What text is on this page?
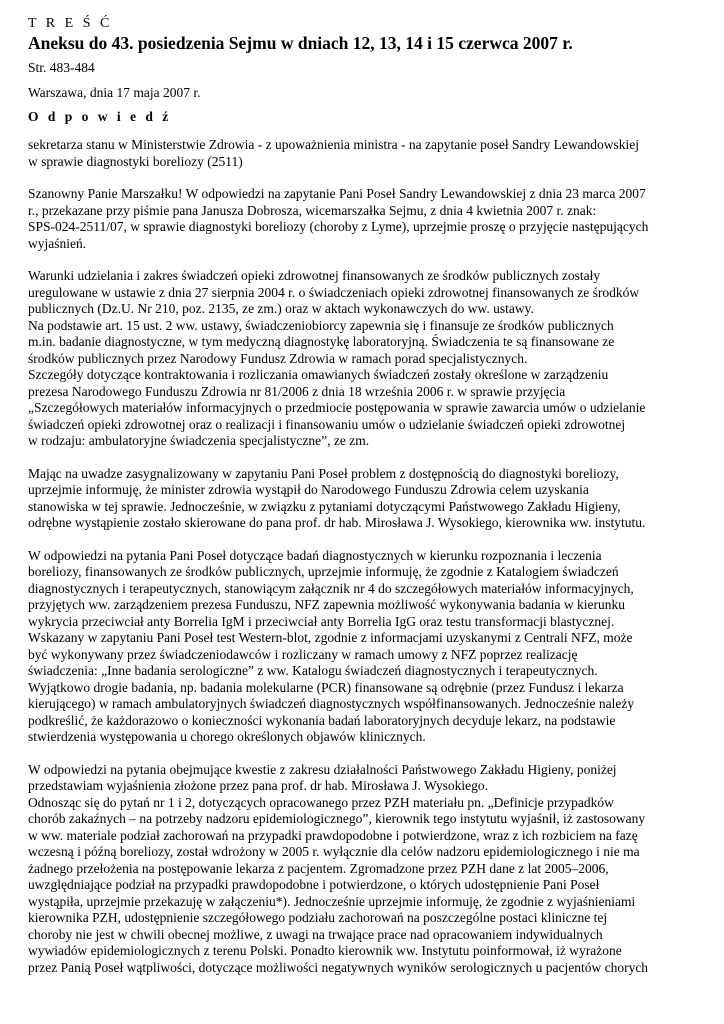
T R E Ś Ć

Aneksu do 43. posiedzenia Sejmu w dniach 12, 13, 14 i 15 czerwca 2007 r.

Str. 483-484

Warszawa, dnia 17 maja 2007 r.

O d p o w i e d ź

sekretarza stanu w Ministerstwie Zdrowia - z upoważnienia ministra - na zapytanie poseł Sandry Lewandowskiej
w sprawie diagnostyki boreliozy (2511)

Szanowny Panie Marszałku! W odpowiedzi na zapytanie Pani Poseł Sandry Lewandowskiej z dnia 23 marca 2007
r., przekazane przy piśmie pana Janusza Dobrosza, wicemarszałka Sejmu, z dnia 4 kwietnia 2007 r. znak:
SPS-024-2511/07, w sprawie diagnostyki boreliozy (choroby z Lyme), uprzejmie proszę o przyjęcie następujących
wyjaśnień.

Warunki udzielania i zakres świadczeń opieki zdrowotnej finansowanych ze środków publicznych zostały
uregulowane w ustawie z dnia 27 sierpnia 2004 r. o świadczeniach opieki zdrowotnej finansowanych ze środków
publicznych (Dz.U. Nr 210, poz. 2135, ze zm.) oraz w aktach wykonawczych do ww. ustawy.
Na podstawie art. 15 ust. 2 ww. ustawy, świadczeniobiorcy zapewnia się i finansuje ze środków publicznych
m.in. badanie diagnostyczne, w tym medyczną diagnostykę laboratoryjną. Świadczenia te są finansowane ze
środków publicznych przez Narodowy Fundusz Zdrowia w ramach porad specjalistycznych.
Szczegóły dotyczące kontraktowania i rozliczania omawianych świadczeń zostały określone w zarządzeniu
prezesa Narodowego Funduszu Zdrowia nr 81/2006 z dnia 18 września 2006 r. w sprawie przyjęcia
„Szczegółowych materiałów informacyjnych o przedmiocie postępowania w sprawie zawarcia umów o udzielanie
świadczeń opieki zdrowotnej oraz o realizacji i finansowaniu umów o udzielanie świadczeń opieki zdrowotnej
w rodzaju: ambulatoryjne świadczenia specjalistyczne”, ze zm.

Mając na uwadze zasygnalizowany w zapytaniu Pani Poseł problem z dostępnością do diagnostyki boreliozy,
uprzejmie informuję, że minister zdrowia wystąpił do Narodowego Funduszu Zdrowia celem uzyskania
stanowiska w tej sprawie. Jednocześnie, w związku z pytaniami dotyczącymi Państwowego Zakładu Higieny,
odrębne wystąpienie zostało skierowane do pana prof. dr hab. Mirosława J. Wysokiego, kierownika ww. instytutu.

W odpowiedzi na pytania Pani Poseł dotyczące badań diagnostycznych w kierunku rozpoznania i leczenia
boreliozy, finansowanych ze środków publicznych, uprzejmie informuję, że zgodnie z Katalogiem świadczeń
diagnostycznych i terapeutycznych, stanowiącym załącznik nr 4 do szczegółowych materiałów informacyjnych,
przyjętych ww. zarządzeniem prezesa Funduszu, NFZ zapewnia możliwość wykonywania badania w kierunku
wykrycia przeciwciał anty Borrelia IgM i przeciwciał anty Borrelia IgG oraz testu transformacji blastycznej.
Wskazany w zapytaniu Pani Poseł test Western-blot, zgodnie z informacjami uzyskanymi z Centrali NFZ, może
być wykonywany przez świadczeniodawców i rozliczany w ramach umowy z NFZ poprzez realizację
świadczenia: „Inne badania serologiczne” z ww. Katalogu świadczeń diagnostycznych i terapeutycznych.
Wyjątkowo drogie badania, np. badania molekularne (PCR) finansowane są odrębnie (przez Fundusz i lekarza
kierującego) w ramach ambulatoryjnych świadczeń diagnostycznych współfinansowanych. Jednocześnie należy
podkreślić, że każdorazowo o konieczności wykonania badań laboratoryjnych decyduje lekarz, na podstawie
stwierdzenia występowania u chorego określonych objawów klinicznych.

W odpowiedzi na pytania obejmujące kwestie z zakresu działalności Państwowego Zakładu Higieny, poniżej
przedstawiam wyjaśnienia złożone przez pana prof. dr hab. Mirosława J. Wysokiego.
Odnosząc się do pytań nr 1 i 2, dotyczących opracowanego przez PZH materiału pn. „Definicje przypadków
chorób zakaźnych – na potrzeby nadzoru epidemiologicznego”, kierownik tego instytutu wyjaśnił, iż zastosowany
w ww. materiale podział zachorowań na przypadki prawdopodobne i potwierdzone, wraz z ich rozbiciem na fazę
wczesną i późną boreliozy, został wdrożony w 2005 r. wyłącznie dla celów nadzoru epidemiologicznego i nie ma
żadnego przełożenia na postępowanie lekarza z pacjentem. Zgromadzone przez PZH dane z lat 2005–2006,
uwzględniające podział na przypadki prawdopodobne i potwierdzone, o których udostępnienie Pani Poseł
wystąpiła, uprzejmie przekazuję w załączeniu*). Jednocześnie uprzejmie informuję, że zgodnie z wyjaśnieniami
kierownika PZH, udostępnienie szczegółowego podziału zachorowań na poszczególne postaci kliniczne tej
choroby nie jest w chwili obecnej możliwe, z uwagi na trwające prace nad opracowaniem indywidualnych
wywiadów epidemiologicznych z terenu Polski. Ponadto kierownik ww. Instytutu poinformował, iż wyrażone
przez Panią Poseł wątpliwości, dotyczące możliwości negatywnych wyników serologicznych u pacjentów chorych
